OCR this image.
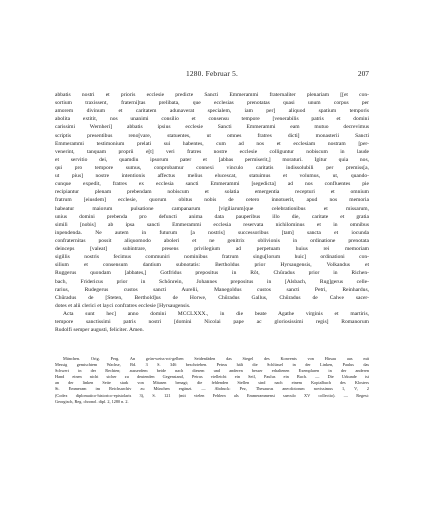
1280. Februar 5.	207
abbatis nostri et prioris ecclesie predicte Sancti Emmerammi fraternaliter plenariam [[et con-
sortium traxissent, fraterni]tas prelibata, que ecclesias prenotatas quasi unum corpus per
amorem divinum et caritatem adunaverat specialem, iam per] aliquod spatium temporis
abolita extitit, nos unanimi consilio et consensu tempore [venerabilis patris et domini
carissimi Wernheri] abbatis ipsius ecclesie Sancti Emmerammi eam mutuo decrevimus
scriptis presentibus reno[vare, statuentes, ut omnes fratres dicti] monasterii Sancti
Emmerammi testimonium prelati sui habentes, cum ad nos et ecclesiam nostram [per-
venerint, tanquam proprii e[t] veri fratres nostre ecclesie colliguntur nobiscum in laude
et servitio dei, quamdiu ipsorum pater et [abbas permiserit,] moraturi. Igitur quia nos,
qui pro tempore sumus, conprobamur connexi vinculo caritatis indissolubili per premiss[a,
ut pius] nostre intentionis affectus melius elucescat, statuimus et volumus, ut, quando-
cunque expedit, fratres ex ecclesia sancti Emmerammi [segedicta] ad nos confluentes pie
recipiantur plenam prebendam nobiscum et solatia emergentia recepturi et omnium
fratrum [eiusdem] ecclesie, quorum obitus nobis de cetero innotuerit, apud nos memoria
habeatur maiorum pulsatione campanarum [vigiliarum]que celebrationibus et missarum,
unius domini prebenda pro defuncti anima data pauperibus illo die, caritate et gratia
simili [nobis] ab ipsa sancti Emmerammi ecclesia reservata nichilominus et in omnibus
inpendenda. Ne autem in futurum [a nostris] successoribus [tam] sancta et iocunda
confraternitas possit aliquomodo aboleri et ne genitrix oblivionis in ordinatione prenotata
deinceps [valeat] subintrare, presens privilegium ad perpetuam huius rei memoriam
sigillis nostris fecimus communiri nominibus fratrum singu[lorum huic] ordinationi con-
silium et consensum dantium subnotatis: Bertholdus prior Hyrsaugensis, Volkandus et
Ruggerus quondam [abbates,] Gotfridus prepositus in Rôt, Chûradus prior in Richen-
bach, Fridericus prior in Schönrein, Johannes prepositus in [Alsbach, Rug]gerus celle-
rarius, Rudegerus custos sancti Aurelii, Manegoldus custos sancti Petri, Reinhardus,
Chûradus de [Steten, Berthold]us de Horwe, Chûradus Gallus, Chûradus de Calwe sacer-
dotes et alii clerici et layci confratres ecclesie [Hyrsaugensis.
Acta sunt hec] anno domini MCCLXXX., in die beate Agathe virginis et martiris,
tempore sanctissimi patris nostri [domini Nicolai pape ac gloriosissimi regis] Romanorum
Rudolfi semper augusti, feliciter. Amen.
München. Orig. Perg. An grün-weiss-rot-gelben Seidenfäden das Siegel des Konvents von Hirsau aus mit
Messig gemischtem Wachse, Bd. 3 S. 346 beschrieben. Petrus hält die Schlüssel in der Linken, Paulus das
Schwert in der Rechten; ausserdem beide nach diesem und anderen besser erhaltenen Exemplaren in der anderen
Hand einen nicht sicher zu deutenden Gegenstand, Petrus vielleicht ein Seil, Paulus ein Buch. — Die Urkunde ist
an der linken Seite stark von Mäusen benagt; die fehlenden Stellen sind nach einem Kopialbuch des Klosters
St. Emmeram im Reichsarchiv zu München ergänzt. — Abdruck: Pez, Thesaurus anecdotorum novissimus 1, V, 2
(Codex diplomatico-historico-epistolaris 3), S. 121 (mit vielen Fehlern als Emmerammensi saeculo XV collectio). — Regest:
Georgisch, Reg. chronol. dipl. 2, 1280 n. 2.
